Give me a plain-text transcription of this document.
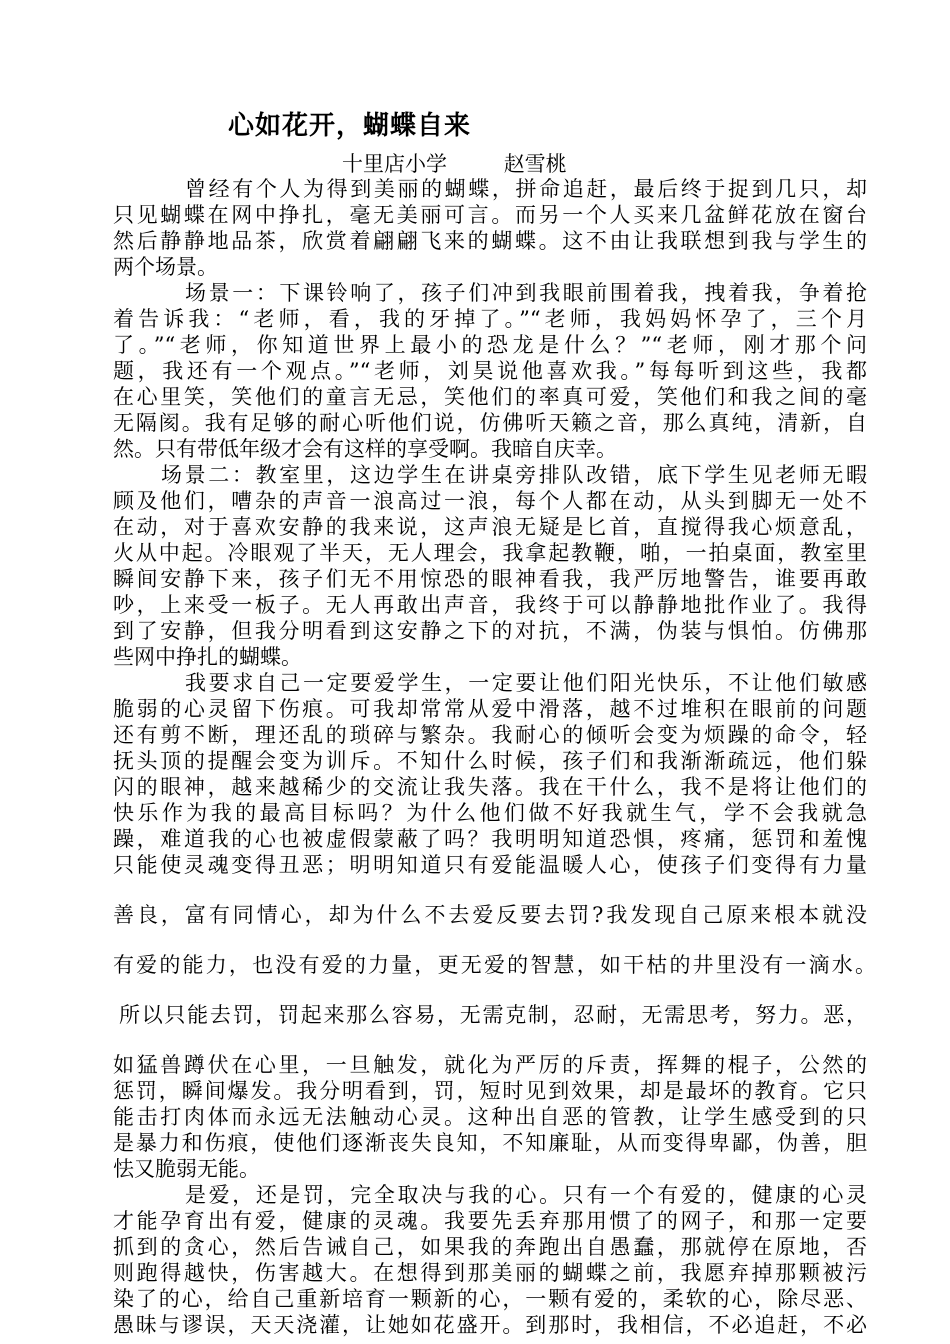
心如花开，蝴蝶自来
十里店小学	赵雪桃
曾经有个人为得到美丽的蝴蝶，拼命追赶，最后终于捉到几只，却
只见蝴蝶在网中挣扎，毫无美丽可言。而另一个人买来几盆鲜花放在窗台
然后静静地品茶，欣赏着翩翩飞来的蝴蝶。这不由让我联想到我与学生的
两个场景。
场景一：下课铃响了，孩子们冲到我眼前围着我，拽着我，争着抢
着告诉我：“老师，看，我的牙掉了。”“老师，我妈妈怀孕了，三个月
了。”“老师，你知道世界上最小的恐龙是什么？”“老师，刚才那个问
题，我还有一个观点。”“老师，刘昊说他喜欢我。”每每听到这些，我都
在心里笑，笑他们的童言无忌，笑他们的率真可爱，笑他们和我之间的毫
无隔阂。我有足够的耐心听他们说，仿佛听天籁之音，那么真纯，清新，自
然。只有带低年级才会有这样的享受啊。我暗自庆幸。
场景二：教室里，这边学生在讲桌旁排队改错，底下学生见老师无暇
顾及他们，嘈杂的声音一浪高过一浪，每个人都在动，从头到脚无一处不
在动，对于喜欢安静的我来说，这声浪无疑是匕首，直搅得我心烦意乱，
火从中起。冷眼观了半天，无人理会，我拿起教鞭，啪，一拍桌面，教室里
瞬间安静下来，孩子们无不用惊恐的眼神看我，我严厉地警告，谁要再敢
吵，上来受一板子。无人再敢出声音，我终于可以静静地批作业了。我得
到了安静，但我分明看到这安静之下的对抗，不满，伪装与惧怕。仿佛那
些网中挣扎的蝴蝶。
我要求自己一定要爱学生，一定要让他们阳光快乐，不让他们敏感
脆弱的心灵留下伤痕。可我却常常从爱中滑落，越不过堆积在眼前的问题
还有剪不断，理还乱的琐碎与繁杂。我耐心的倾听会变为烦躁的命令，轻
抚头顶的提醒会变为训斥。不知什么时候，孩子们和我渐渐疏远，他们躲
闪的眼神，越来越稀少的交流让我失落。我在干什么，我不是将让他们的
快乐作为我的最高目标吗？为什么他们做不好我就生气，学不会我就急
躁，难道我的心也被虚假蒙蔽了吗？我明明知道恐惧，疼痛，惩罚和羞愧
只能使灵魂变得丑恶；明明知道只有爱能温暖人心，使孩子们变得有力量
善良，富有同情心，却为什么不去爱反要去罚?我发现自己原来根本就没
有爱的能力，也没有爱的力量，更无爱的智慧，如干枯的井里没有一滴水。
所以只能去罚，罚起来那么容易，无需克制，忍耐，无需思考，努力。恶，
如猛兽蹲伏在心里，一旦触发，就化为严厉的斥责，挥舞的棍子，公然的
惩罚，瞬间爆发。我分明看到，罚，短时见到效果，却是最坏的教育。它只
能击打肉体而永远无法触动心灵。这种出自恶的管教，让学生感受到的只
是暴力和伤痕，使他们逐渐丧失良知，不知廉耻，从而变得卑鄙，伪善，胆
怯又脆弱无能。
是爱，还是罚，完全取决与我的心。只有一个有爱的，健康的心灵
才能孕育出有爱，健康的灵魂。我要先丢弃那用惯了的网子，和那一定要
抓到的贪心，然后告诫自己，如果我的奔跑出自愚蠢，那就停在原地，否
则跑得越快，伤害越大。在想得到那美丽的蝴蝶之前，我愿弃掉那颗被污
染了的心，给自己重新培育一颗新的心，一颗有爱的，柔软的心，除尽恶、
愚昧与谬误，天天浇灌，让她如花盛开。到那时，我相信，不必追赶，不必
